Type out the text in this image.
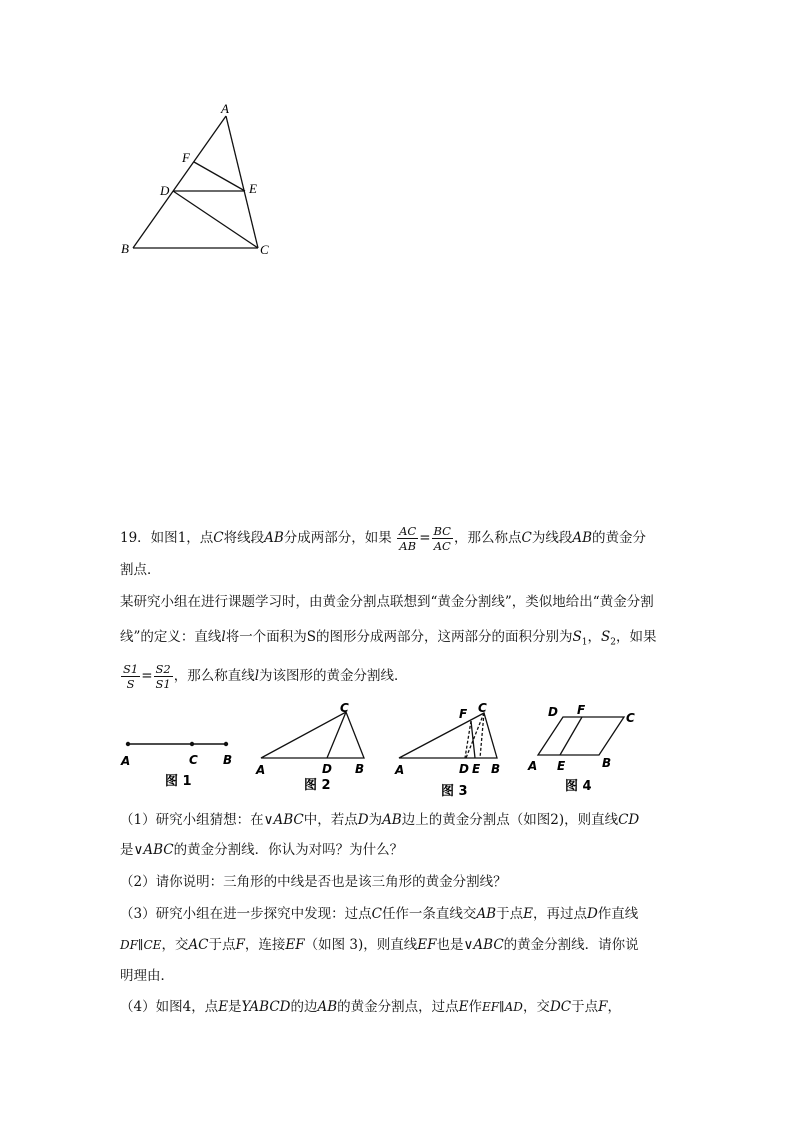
A
F
D	E
B	C
19．如图1，点C将线段AB分成两部分，如果 $\frac{AC}{AB} = \frac{BC}{AC}$ ，那么称点C为线段AB的黄金分
割点．
某研究小组在进行课题学习时，由黄金分割点联想到“黄金分割线”，类似地给出“黄金分割
线”的定义：直线l将一个面积为S的图形分成两部分，这两部分的面积分别为$S_1$，$S_2$，如果
$\frac{S1}{S} = \frac{S2}{S1}$ ，那么称直线l为该图形的黄金分割线．
A	C B
图 1
A	D B
C
图 2
A	D E B
F C
图 3
D F
C
A E	B
图 4
（1）研究小组猜想：在∨ABC中，若点D为AB边上的黄金分割点（如图2)，则直线CD
是∨ABC的黄金分割线．你认为对吗？为什么？
（2）请你说明：三角形的中线是否也是该三角形的黄金分割线？
（3）研究小组在进一步探究中发现：过点C任作一条直线交AB于点E，再过点D作直线
DF∥CE，交AC于点F，连接EF（如图 3)，则直线EF也是∨ABC的黄金分割线．请你说
明理由．
（4）如图4，点E是YABCD的边AB的黄金分割点，过点E作EF∥AD，交DC于点F，
